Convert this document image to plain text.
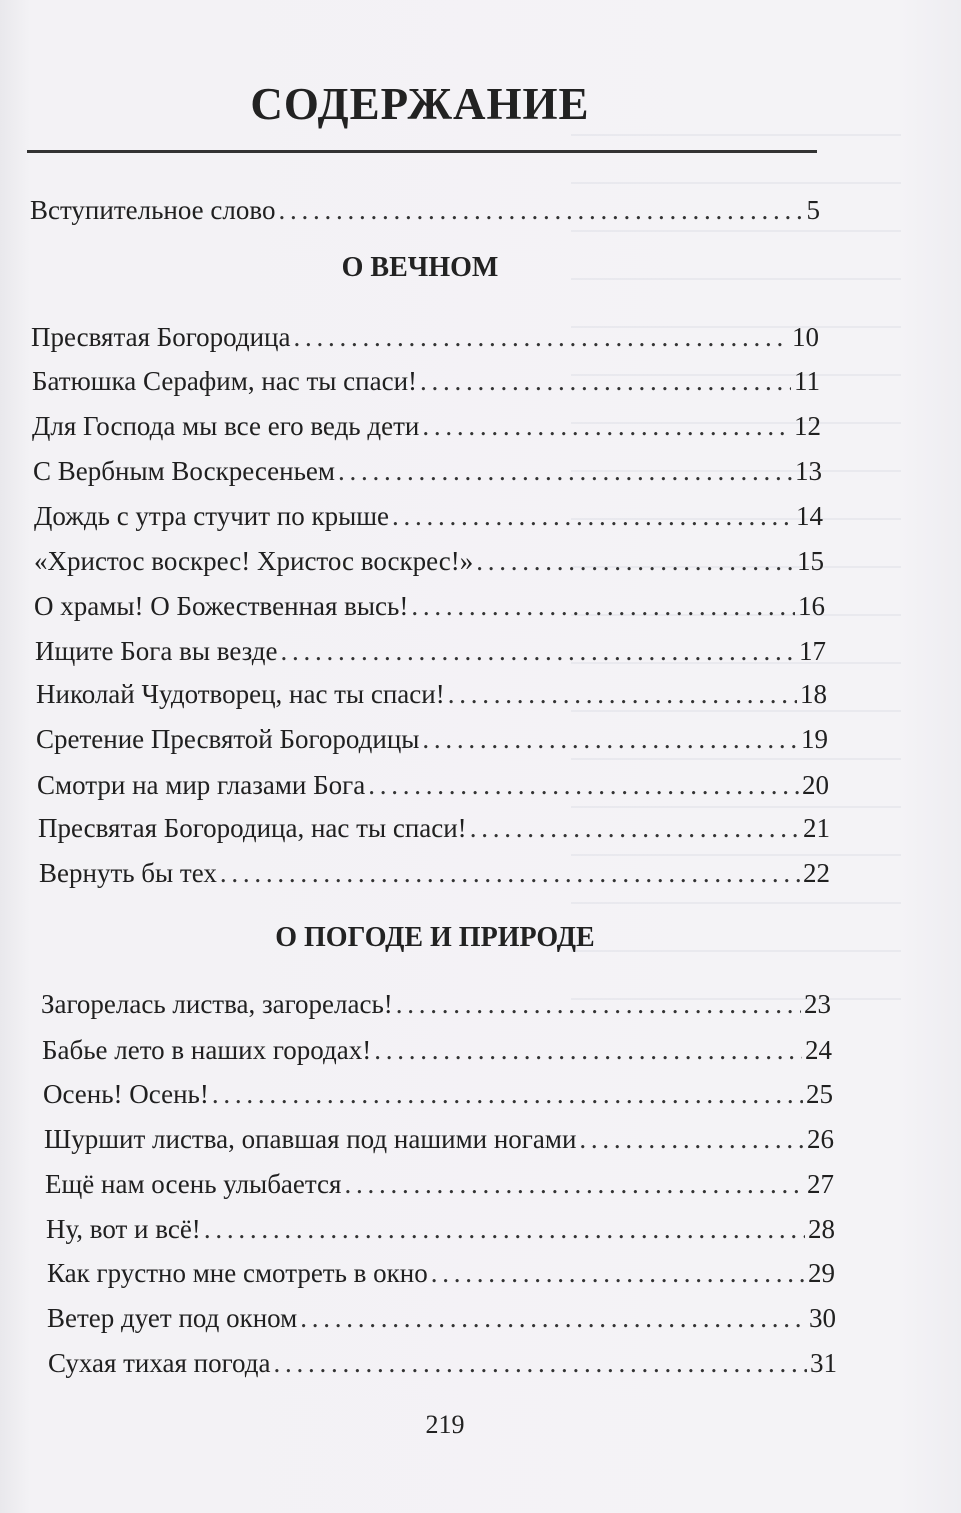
СОДЕРЖАНИЕ
Вступительное слово . . .	5
О ВЕЧНОМ
Пресвятая Богородица . . .	10
Батюшка Серафим, нас ты спаси! . . .	11
Для Господа мы все его ведь дети . . .	12
С Вербным Воскресеньем . . .	13
Дождь с утра стучит по крыше . . .	14
«Христос воскрес! Христос воскрес!» . . .	15
О храмы! О Божественная высь! . . .	16
Ищите Бога вы везде . . .	17
Николай Чудотворец, нас ты спаси! . . .	18
Сретение Пресвятой Богородицы . . .	19
Смотри на мир глазами Бога . . .	20
Пресвятая Богородица, нас ты спаси! . . .	21
Вернуть бы тех . . .	22
О ПОГОДЕ И ПРИРОДЕ
Загорелась листва, загорелась! . . .	23
Бабье лето в наших городах! . . .	24
Осень! Осень! . . .	25
Шуршит листва, опавшая под нашими ногами . . .	26
Ещё нам осень улыбается . . .	27
Ну, вот и всё! . . .	28
Как грустно мне смотреть в окно . . .	29
Ветер дует под окном . . .	30
Сухая тихая погода . . .	31
219
